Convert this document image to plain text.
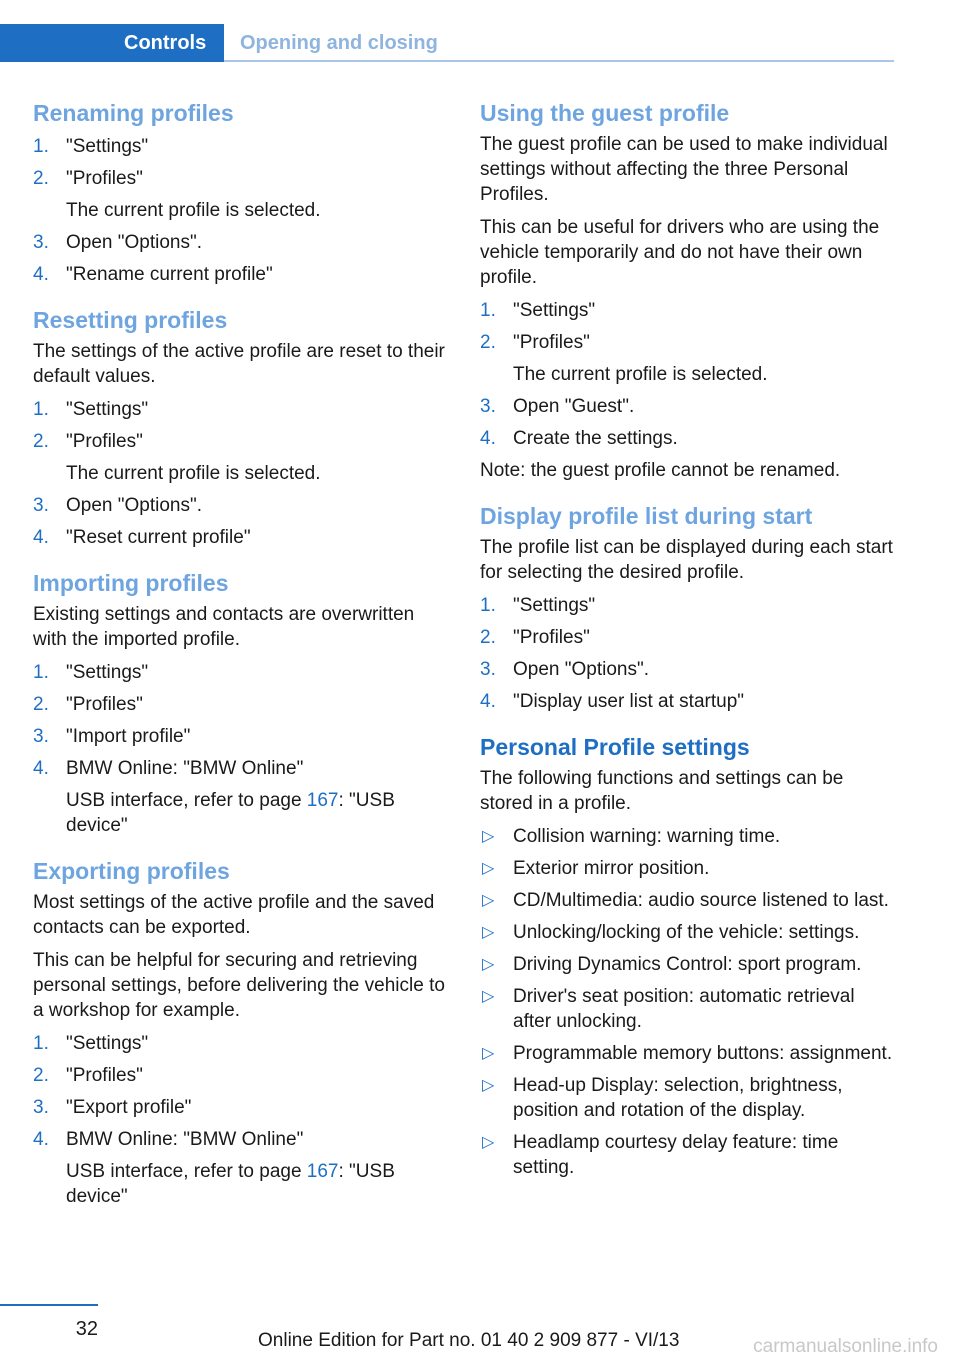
Controls	Opening and closing
Renaming profiles
1. "Settings"
2. "Profiles"
The current profile is selected.
3. Open "Options".
4. "Rename current profile"
Resetting profiles

The settings of the active profile are reset to their default values.

1. "Settings"
2. "Profiles"
The current profile is selected.
3. Open "Options".
4. "Reset current profile"
Importing profiles

Existing settings and contacts are overwritten with the imported profile.

1. "Settings"
2. "Profiles"
3. "Import profile"
4. BMW Online: "BMW Online"
USB interface, refer to page 167: "USB device"
Exporting profiles

Most settings of the active profile and the saved contacts can be exported.

This can be helpful for securing and retrieving personal settings, before delivering the vehicle to a workshop for example.

1. "Settings"
2. "Profiles"
3. "Export profile"
4. BMW Online: "BMW Online"
USB interface, refer to page 167: "USB device"
Using the guest profile

The guest profile can be used to make individual settings without affecting the three Personal Profiles.

This can be useful for drivers who are using the vehicle temporarily and do not have their own profile.

1. "Settings"
2. "Profiles"
The current profile is selected.
3. Open "Guest".
4. Create the settings.

Note: the guest profile cannot be renamed.

Display profile list during start

The profile list can be displayed during each start for selecting the desired profile.

1. "Settings"
2. "Profiles"
3. Open "Options".
4. "Display user list at startup"
Personal Profile settings

The following functions and settings can be stored in a profile.

▷ Collision warning: warning time.
▷ Exterior mirror position.
▷ CD/Multimedia: audio source listened to last.
▷ Unlocking/locking of the vehicle: settings.
▷ Driving Dynamics Control: sport program.
▷ Driver's seat position: automatic retrieval after unlocking.
▷ Programmable memory buttons: assignment.
▷ Head-up Display: selection, brightness, position and rotation of the display.
▷ Headlamp courtesy delay feature: time setting.
32
Online Edition for Part no. 01 40 2 909 877 - VI/13	carmanualsonline.info
